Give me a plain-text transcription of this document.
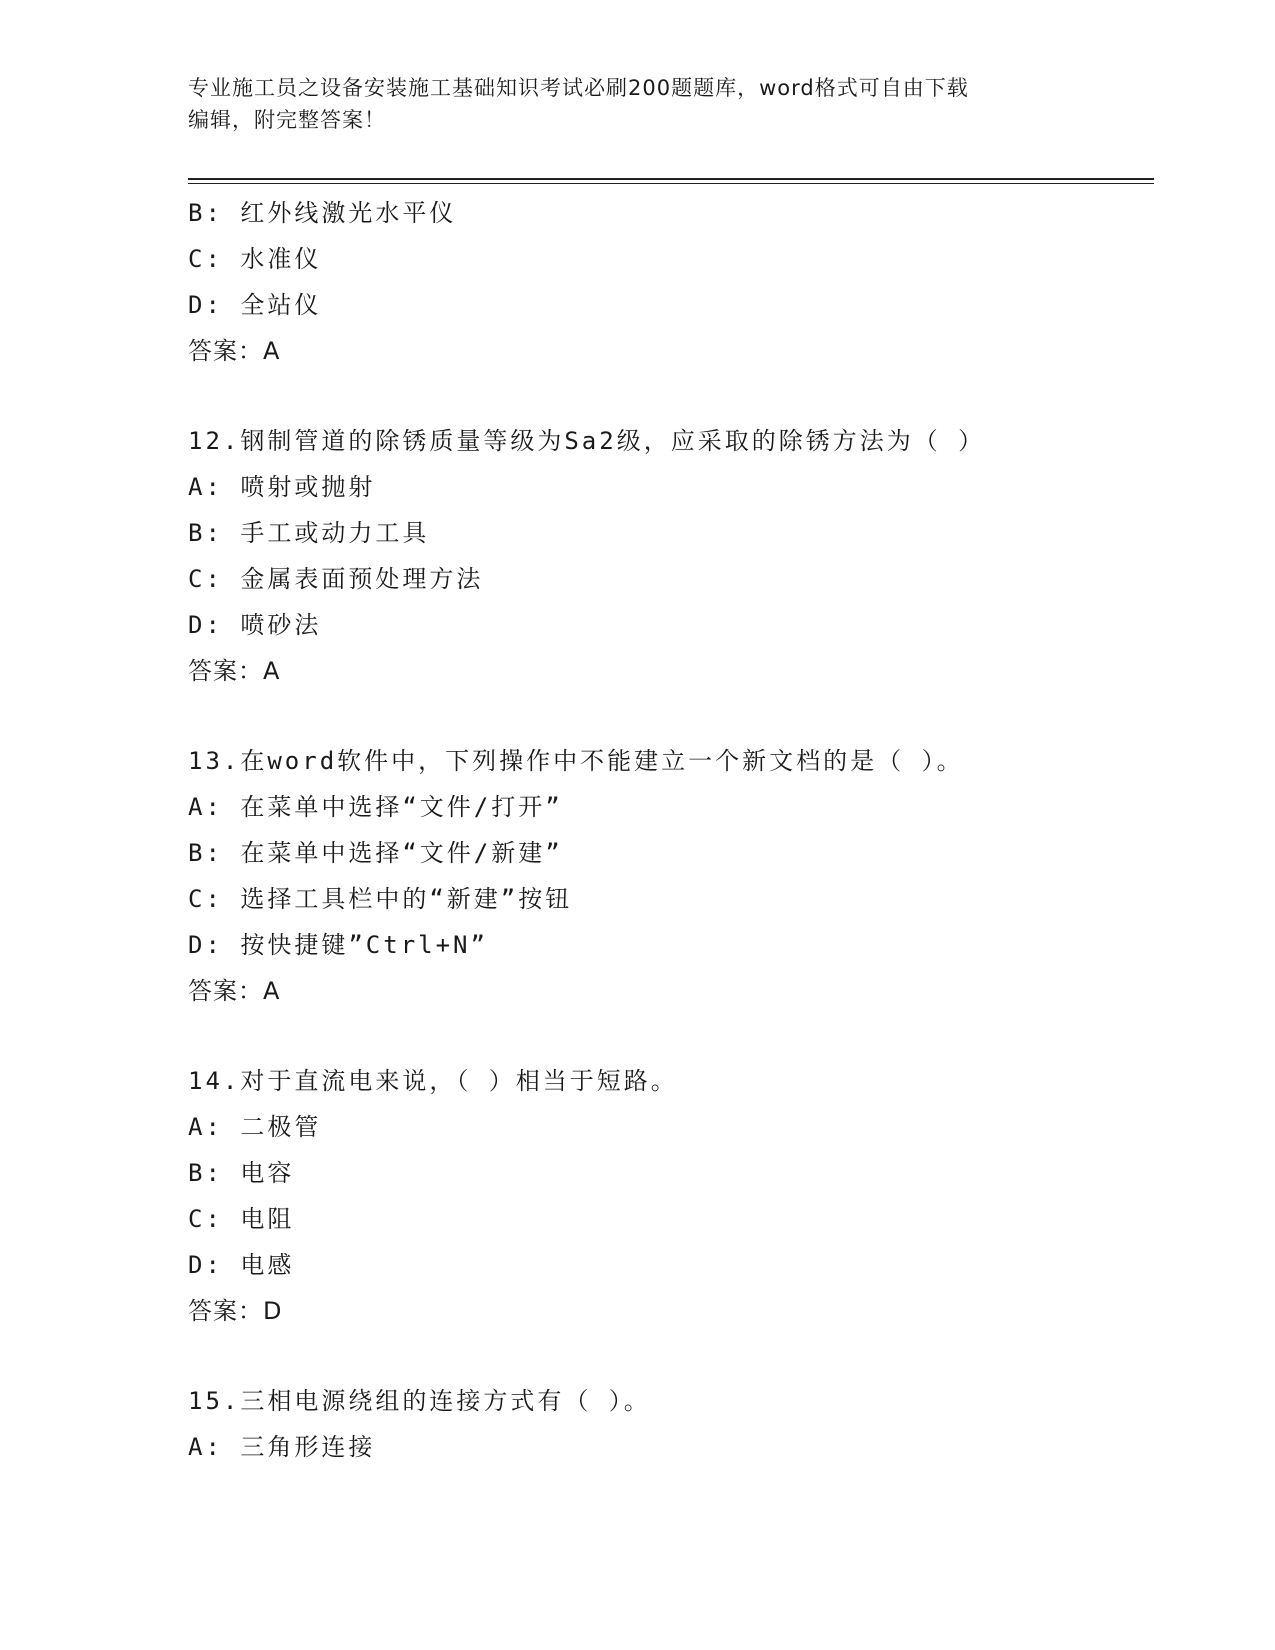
专业施工员之设备安装施工基础知识考试必刷200题题库，word格式可自由下载
编辑，附完整答案！
B: 红外线激光水平仪
C: 水准仪
D: 全站仪
答案：A
12.钢制管道的除锈质量等级为Sa2级，应采取的除锈方法为（ ）
A: 喷射或抛射
B: 手工或动力工具
C: 金属表面预处理方法
D: 喷砂法
答案：A
13.在word软件中，下列操作中不能建立一个新文档的是（ ）。
A: 在菜单中选择“文件/打开”
B: 在菜单中选择“文件/新建”
C: 选择工具栏中的“新建”按钮
D: 按快捷键”Ctrl+N”
答案：A
14.对于直流电来说，（ ）相当于短路。
A: 二极管
B: 电容
C: 电阻
D: 电感
答案：D
15.三相电源绕组的连接方式有（ ）。
A: 三角形连接
